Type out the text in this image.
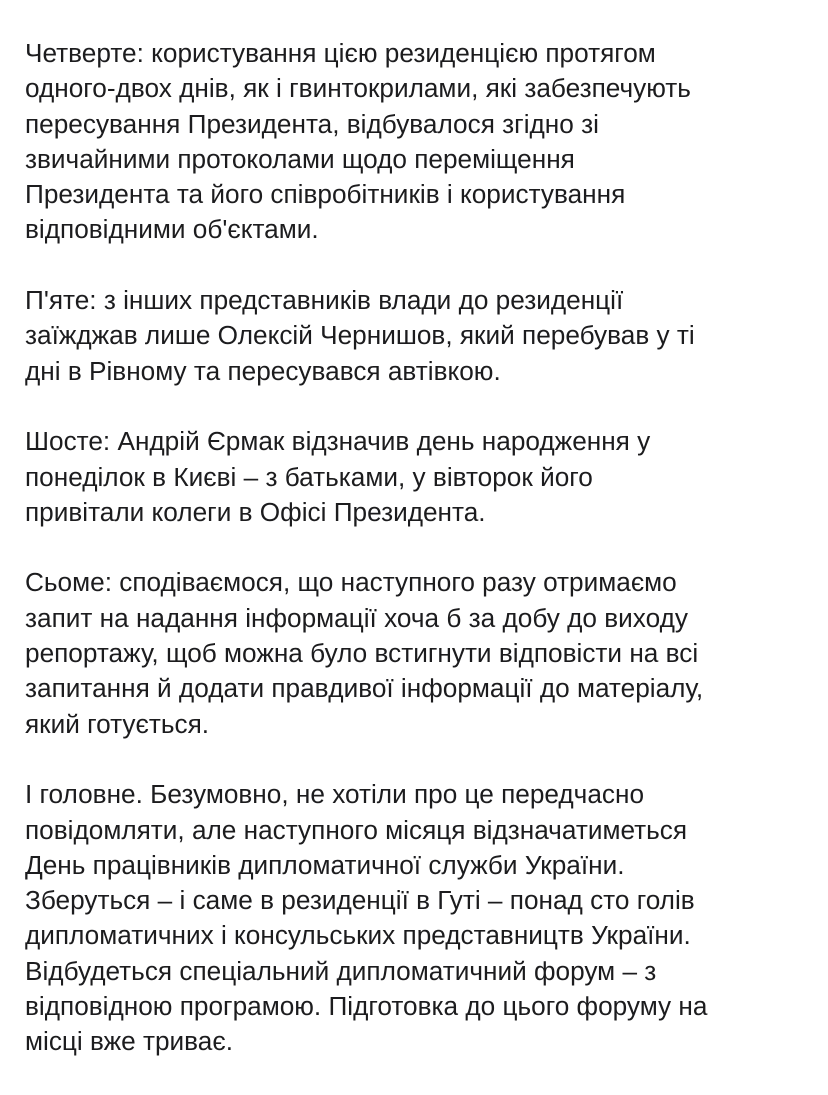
Четверте: користування цією резиденцією протягом
одного-двох днів, як і гвинтокрилами, які забезпечують
пересування Президента, відбувалося згідно зі
звичайними протоколами щодо переміщення
Президента та його співробітників і користування
відповідними об'єктами.

П'яте: з інших представників влади до резиденції
заїжджав лише Олексій Чернишов, який перебував у ті
дні в Рівному та пересувався автівкою.

Шосте: Андрій Єрмак відзначив день народження у
понеділок в Києві – з батьками, у вівторок його
привітали колеги в Офісі Президента.

Сьоме: сподіваємося, що наступного разу отримаємо
запит на надання інформації хоча б за добу до виходу
репортажу, щоб можна було встигнути відповісти на всі
запитання й додати правдивої інформації до матеріалу,
який готується.

І головне. Безумовно, не хотіли про це передчасно
повідомляти, але наступного місяця відзначатиметься
День працівників дипломатичної служби України.
Зберуться – і саме в резиденції в Гуті – понад сто голів
дипломатичних і консульських представництв України.
Відбудеться спеціальний дипломатичний форум – з
відповідною програмою. Підготовка до цього форуму на
місці вже триває.
